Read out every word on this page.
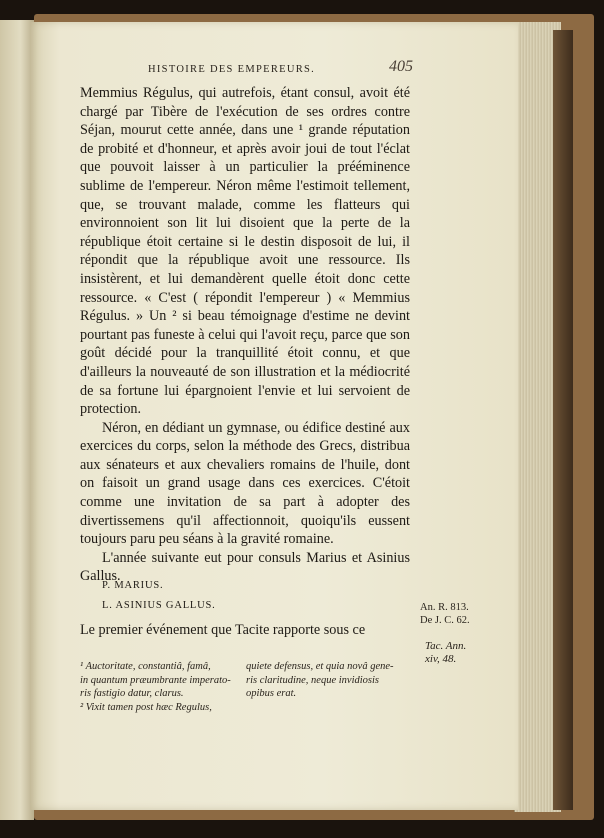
HISTOIRE DES EMPEREURS.	405

Memmius Régulus, qui autrefois, étant consul, avoit été chargé par Tibère de l'exécution de ses ordres contre Séjan, mourut cette année, dans une ¹ grande réputation de probité et d'honneur, et après avoir joui de tout l'éclat que pouvoit laisser à un particulier la prééminence sublime de l'empereur. Néron même l'estimoit tellement, que, se trouvant malade, comme les flatteurs qui environnoient son lit lui disoient que la perte de la république étoit certaine si le destin disposoit de lui, il répondit que la république avoit une ressource. Ils insistèrent, et lui demandèrent quelle étoit donc cette ressource. « C'est ( répondit l'empereur ) « Memmius Régulus. » Un ² si beau témoignage d'estime ne devint pourtant pas funeste à celui qui l'avoit reçu, parce que son goût décidé pour la tranquillité étoit connu, et que d'ailleurs la nouveauté de son illustration et la médiocrité de sa fortune lui épargnoient l'envie et lui servoient de protection.

Néron, en dédiant un gymnase, ou édifice destiné aux exercices du corps, selon la méthode des Grecs, distribua aux sénateurs et aux chevaliers romains de l'huile, dont on faisoit un grand usage dans ces exercices. C'étoit comme une invitation de sa part à adopter des divertissemens qu'il affectionnoit, quoiqu'ils eussent toujours paru peu séans à la gravité romaine.

L'année suivante eut pour consuls Marius et Asinius Gallus.

P. MARIUS.
L. ASINIUS GALLUS.	An. R. 813.
De J. C. 62.
Le premier événement que Tacite rapporte sous ce
Tac. Ann.
xiv, 48.
¹ Auctoritate, constantiâ, famâ,
in quantum præumbrante imperato-
ris fastigio datur, clarus.
² Vixit tamen post hæc Regulus,
quiete defensus, et quia novâ gene-
ris claritudine, neque invidiosis
opibus erat.
